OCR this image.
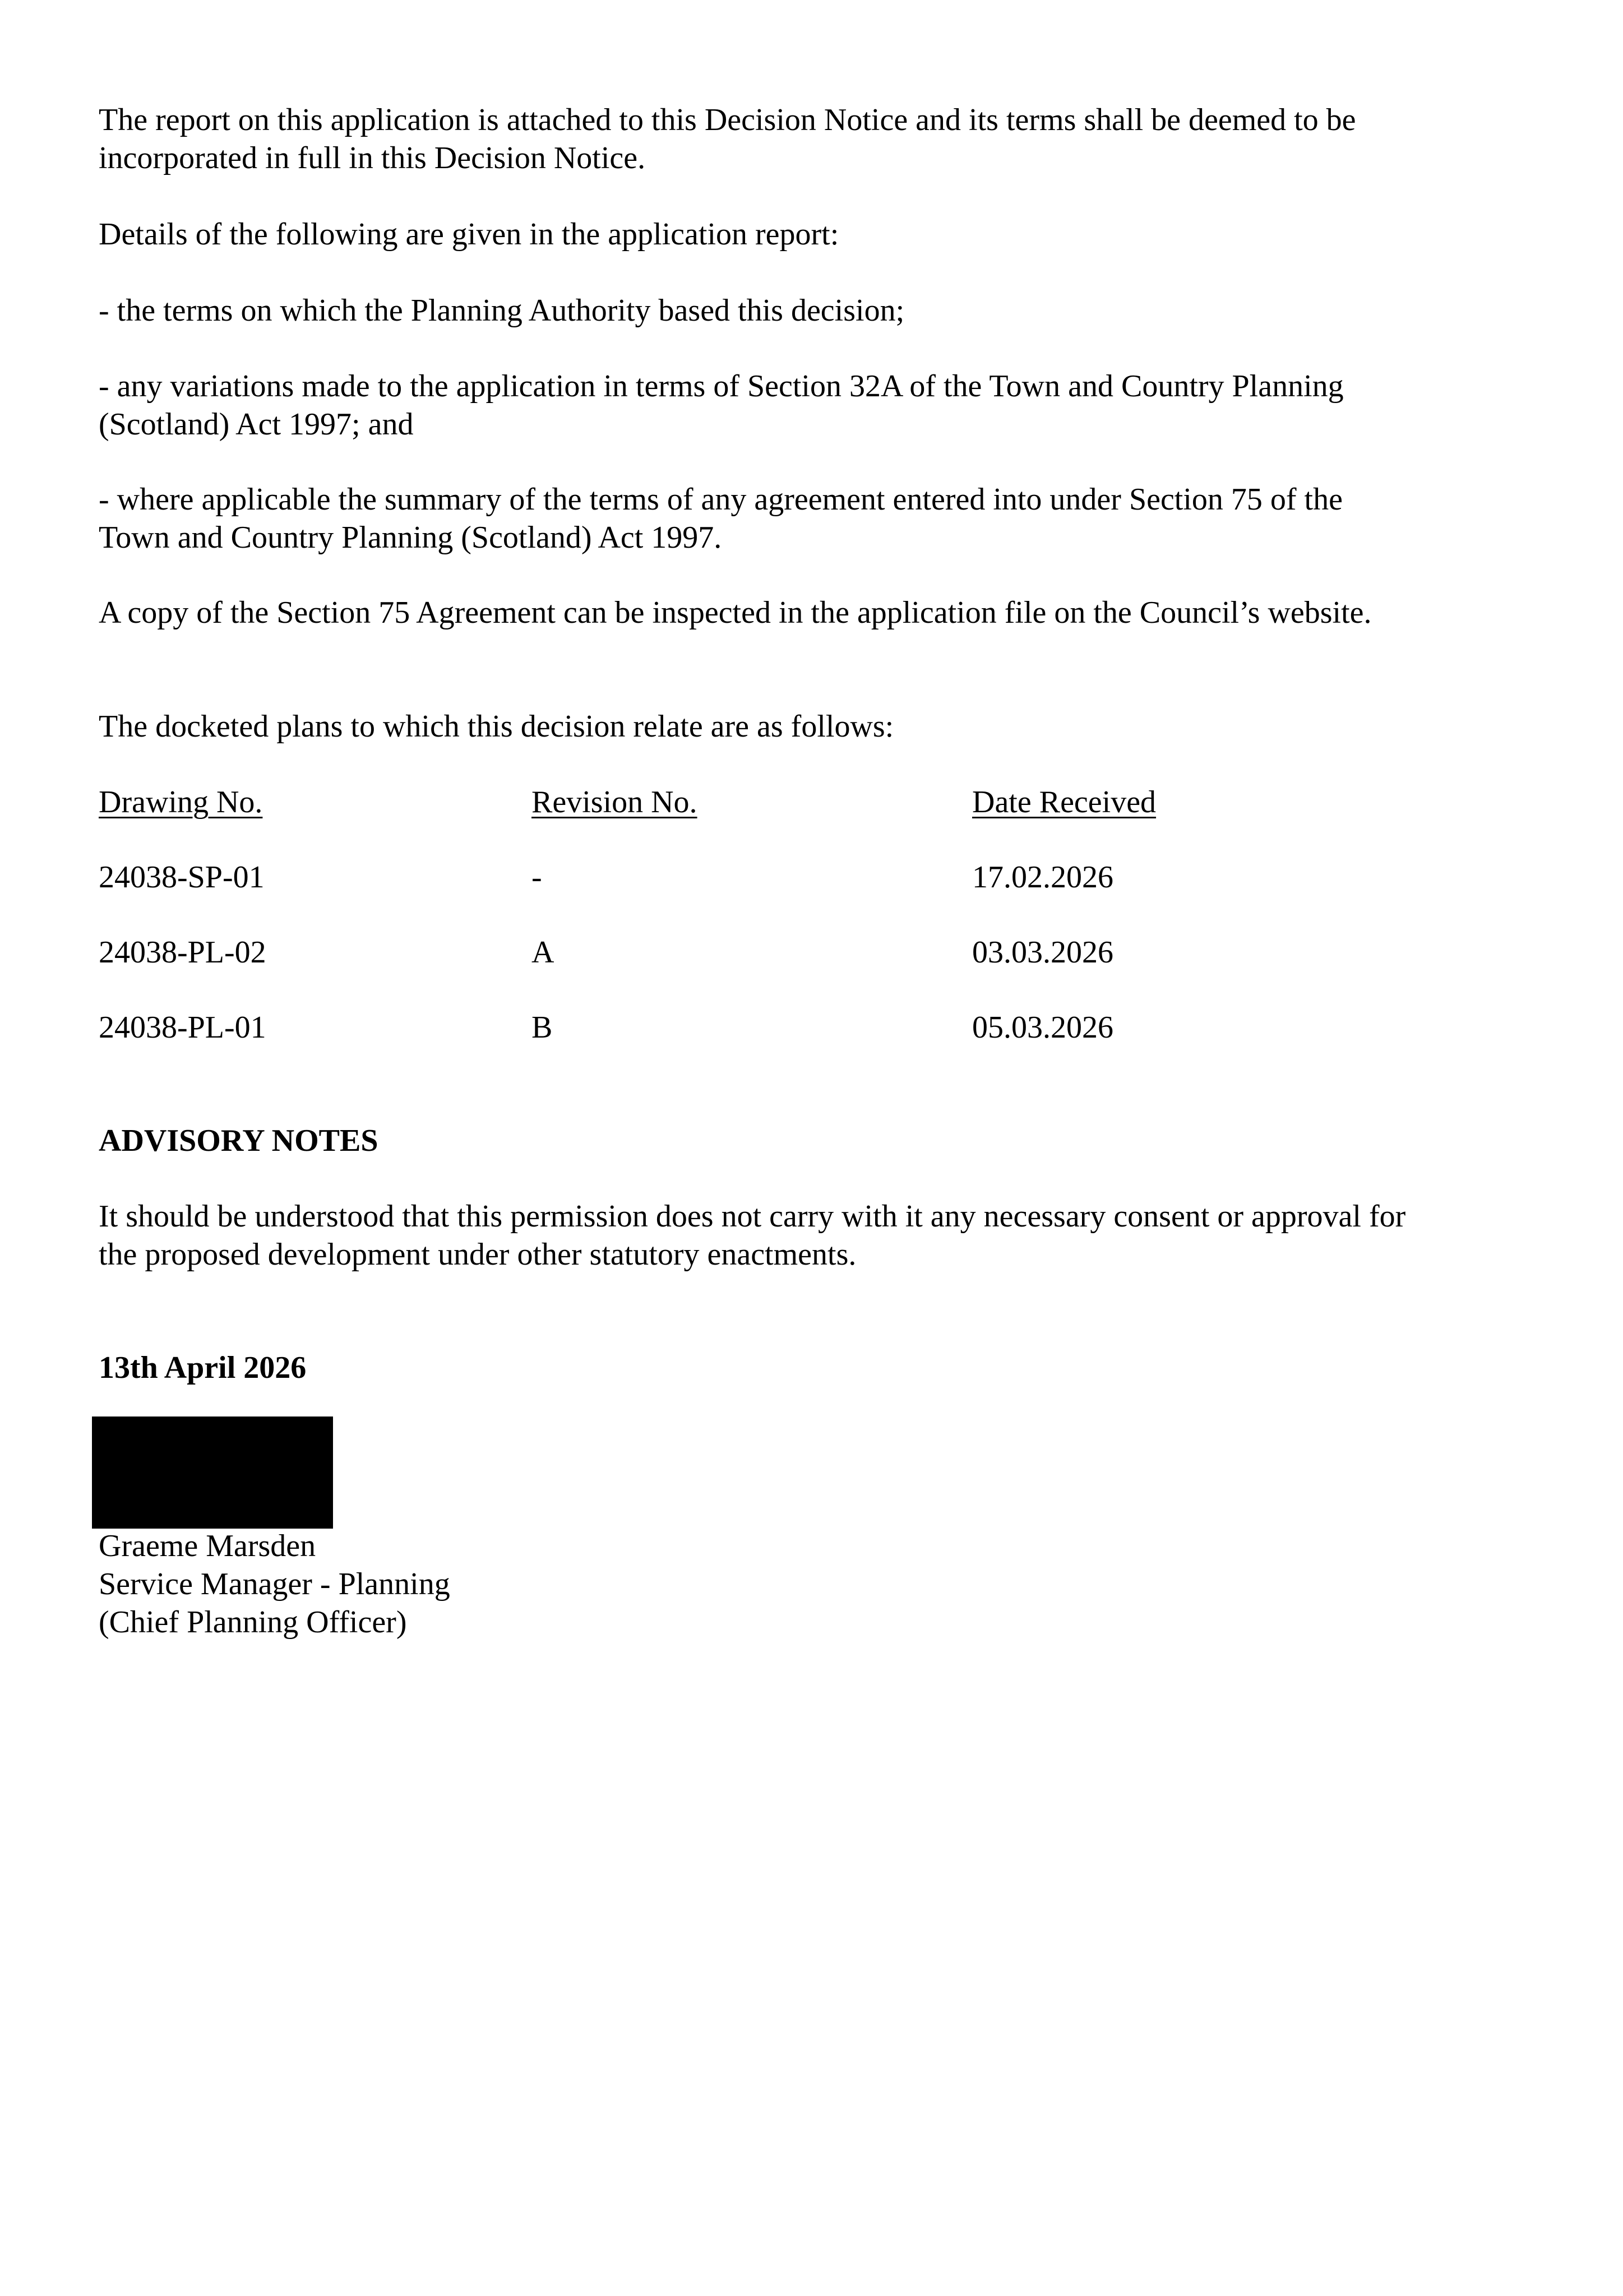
The report on this application is attached to this Decision Notice and its terms shall be deemed to be incorporated in full in this Decision Notice.

Details of the following are given in the application report:

- the terms on which the Planning Authority based this decision;

- any variations made to the application in terms of Section 32A of the Town and Country Planning (Scotland) Act 1997; and

- where applicable the summary of the terms of any agreement entered into under Section 75 of the Town and Country Planning (Scotland) Act 1997.

A copy of the Section 75 Agreement can be inspected in the application file on the Council’s website.

The docketed plans to which this decision relate are as follows:

Drawing No.	Revision No.	Date Received

24038-SP-01	-	17.02.2026

24038-PL-02	A	03.03.2026

24038-PL-01	B	05.03.2026

ADVISORY NOTES

It should be understood that this permission does not carry with it any necessary consent or approval for the proposed development under other statutory enactments.

13th April 2026

Graeme Marsden

Service Manager - Planning

(Chief Planning Officer)
